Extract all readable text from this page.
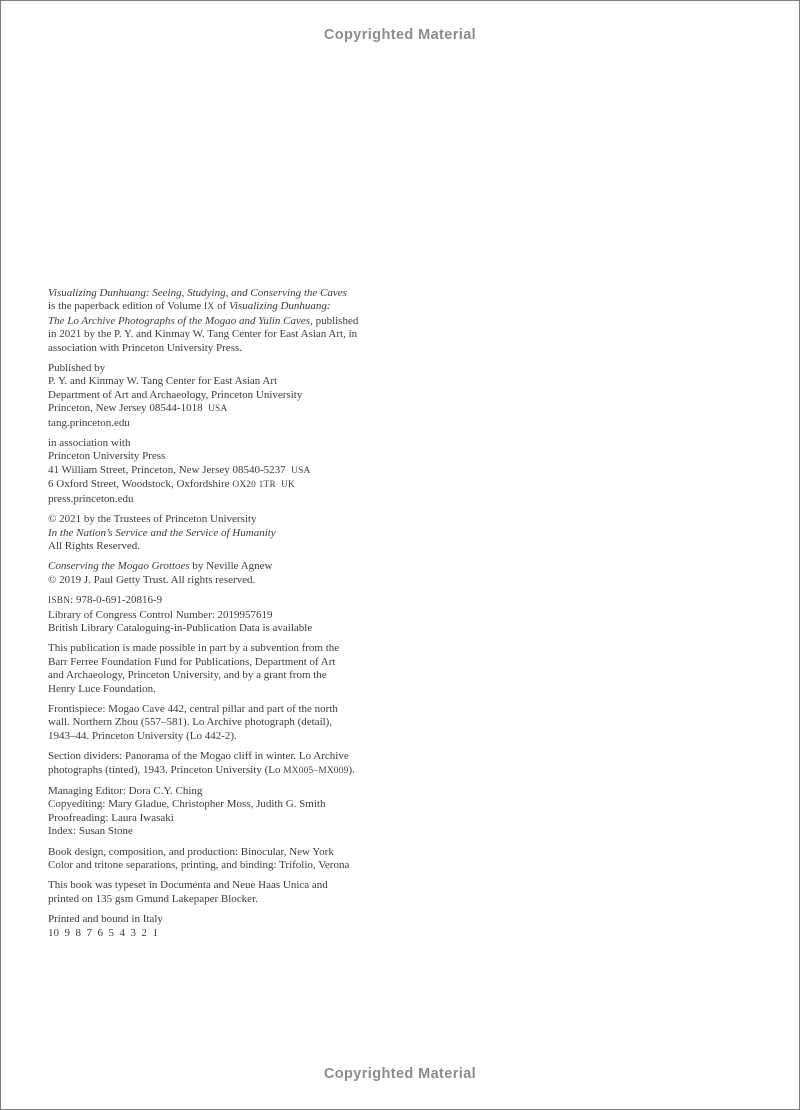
Copyrighted Material
Visualizing Dunhuang: Seeing, Studying, and Conserving the Caves
is the paperback edition of Volume IX of Visualizing Dunhuang:
The Lo Archive Photographs of the Mogao and Yulin Caves, published
in 2021 by the P. Y. and Kinmay W. Tang Center for East Asian Art, in
association with Princeton University Press.
Published by
P. Y. and Kinmay W. Tang Center for East Asian Art
Department of Art and Archaeology, Princeton University
Princeton, New Jersey 08544-1018  USA
tang.princeton.edu
in association with
Princeton University Press
41 William Street, Princeton, New Jersey 08540-5237  USA
6 Oxford Street, Woodstock, Oxfordshire OX20 1TR  UK
press.princeton.edu
© 2021 by the Trustees of Princeton University
In the Nation’s Service and the Service of Humanity
All Rights Reserved.
Conserving the Mogao Grottoes by Neville Agnew
© 2019 J. Paul Getty Trust. All rights reserved.
ISBN: 978-0-691-20816-9
Library of Congress Control Number: 2019957619
British Library Cataloguing-in-Publication Data is available
This publication is made possible in part by a subvention from the
Barr Ferree Foundation Fund for Publications, Department of Art
and Archaeology, Princeton University, and by a grant from the
Henry Luce Foundation.
Frontispiece: Mogao Cave 442, central pillar and part of the north
wall. Northern Zhou (557–581). Lo Archive photograph (detail),
1943–44. Princeton University (Lo 442-2).
Section dividers: Panorama of the Mogao cliff in winter. Lo Archive
photographs (tinted), 1943. Princeton University (Lo MX005–MX009).
Managing Editor: Dora C.Y. Ching
Copyediting: Mary Gladue, Christopher Moss, Judith G. Smith
Proofreading: Laura Iwasaki
Index: Susan Stone
Book design, composition, and production: Binocular, New York
Color and tritone separations, printing, and binding: Trifolio, Verona
This book was typeset in Documenta and Neue Haas Unica and
printed on 135 gsm Gmund Lakepaper Blocker.
Printed and bound in Italy
10  9  8  7  6  5  4  3  2  1
Copyrighted Material
